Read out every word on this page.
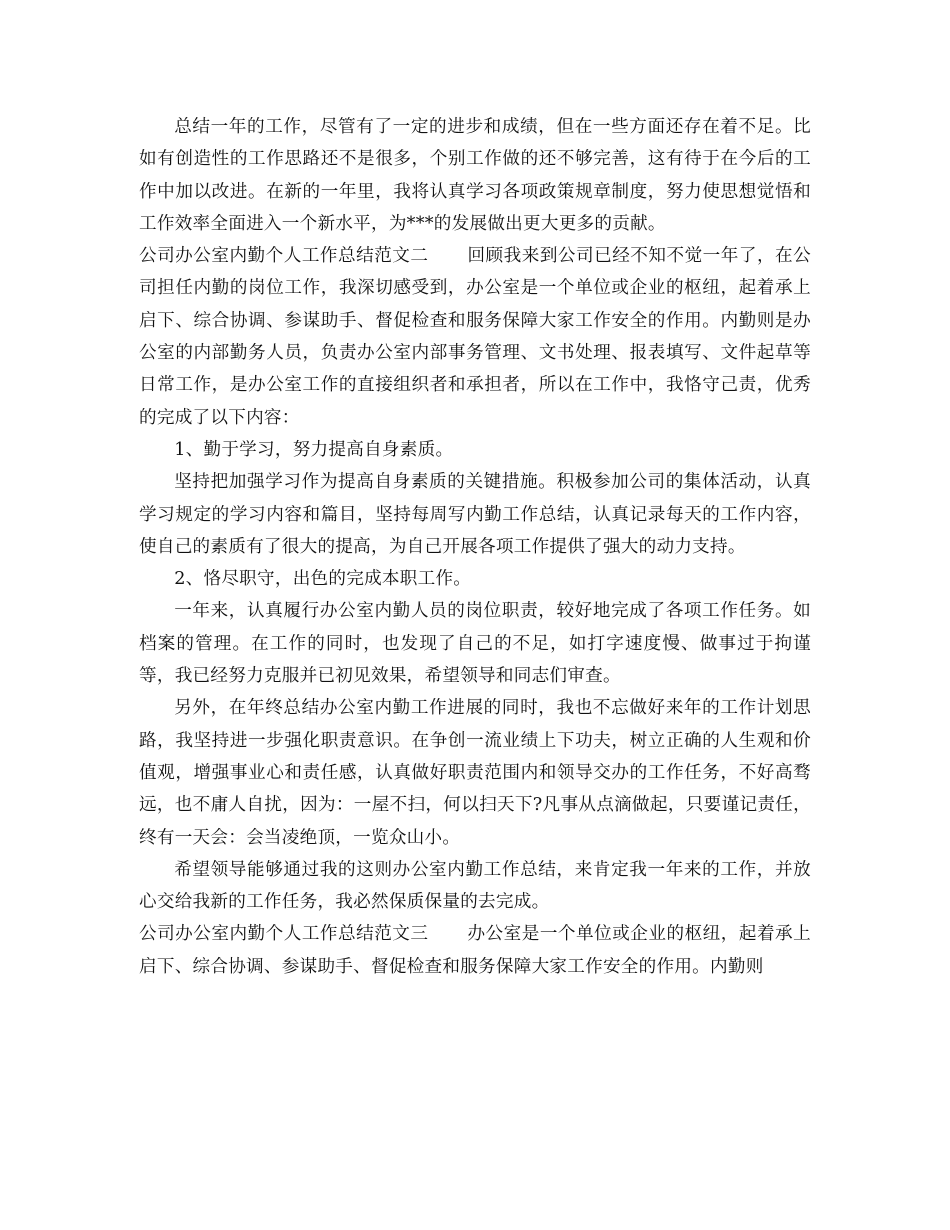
总结一年的工作，尽管有了一定的进步和成绩，但在一些方面还存在着不足。比如有创造性的工作思路还不是很多，个别工作做的还不够完善，这有待于在今后的工作中加以改进。在新的一年里，我将认真学习各项政策规章制度，努力使思想觉悟和工作效率全面进入一个新水平，为***的发展做出更大更多的贡献。

公司办公室内勤个人工作总结范文二 回顾我来到公司已经不知不觉一年了，在公司担任内勤的岗位工作，我深切感受到，办公室是一个单位或企业的枢纽，起着承上启下、综合协调、参谋助手、督促检查和服务保障大家工作安全的作用。内勤则是办公室的内部勤务人员，负责办公室内部事务管理、文书处理、报表填写、文件起草等日常工作，是办公室工作的直接组织者和承担者，所以在工作中，我恪守己责，优秀的完成了以下内容：

1、勤于学习，努力提高自身素质。

坚持把加强学习作为提高自身素质的关键措施。积极参加公司的集体活动，认真学习规定的学习内容和篇目，坚持每周写内勤工作总结，认真记录每天的工作内容，使自己的素质有了很大的提高，为自己开展各项工作提供了强大的动力支持。

2、恪尽职守，出色的完成本职工作。

一年来，认真履行办公室内勤人员的岗位职责，较好地完成了各项工作任务。如档案的管理。在工作的同时，也发现了自己的不足，如打字速度慢、做事过于拘谨等，我已经努力克服并已初见效果，希望领导和同志们审查。

另外，在年终总结办公室内勤工作进展的同时，我也不忘做好来年的工作计划思路，我坚持进一步强化职责意识。在争创一流业绩上下功夫，树立正确的人生观和价值观，增强事业心和责任感，认真做好职责范围内和领导交办的工作任务，不好高骛远，也不庸人自扰，因为：一屋不扫，何以扫天下?凡事从点滴做起，只要谨记责任，终有一天会：会当凌绝顶，一览众山小。

希望领导能够通过我的这则办公室内勤工作总结，来肯定我一年来的工作，并放心交给我新的工作任务，我必然保质保量的去完成。

公司办公室内勤个人工作总结范文三 办公室是一个单位或企业的枢纽，起着承上启下、综合协调、参谋助手、督促检查和服务保障大家工作安全的作用。内勤则
